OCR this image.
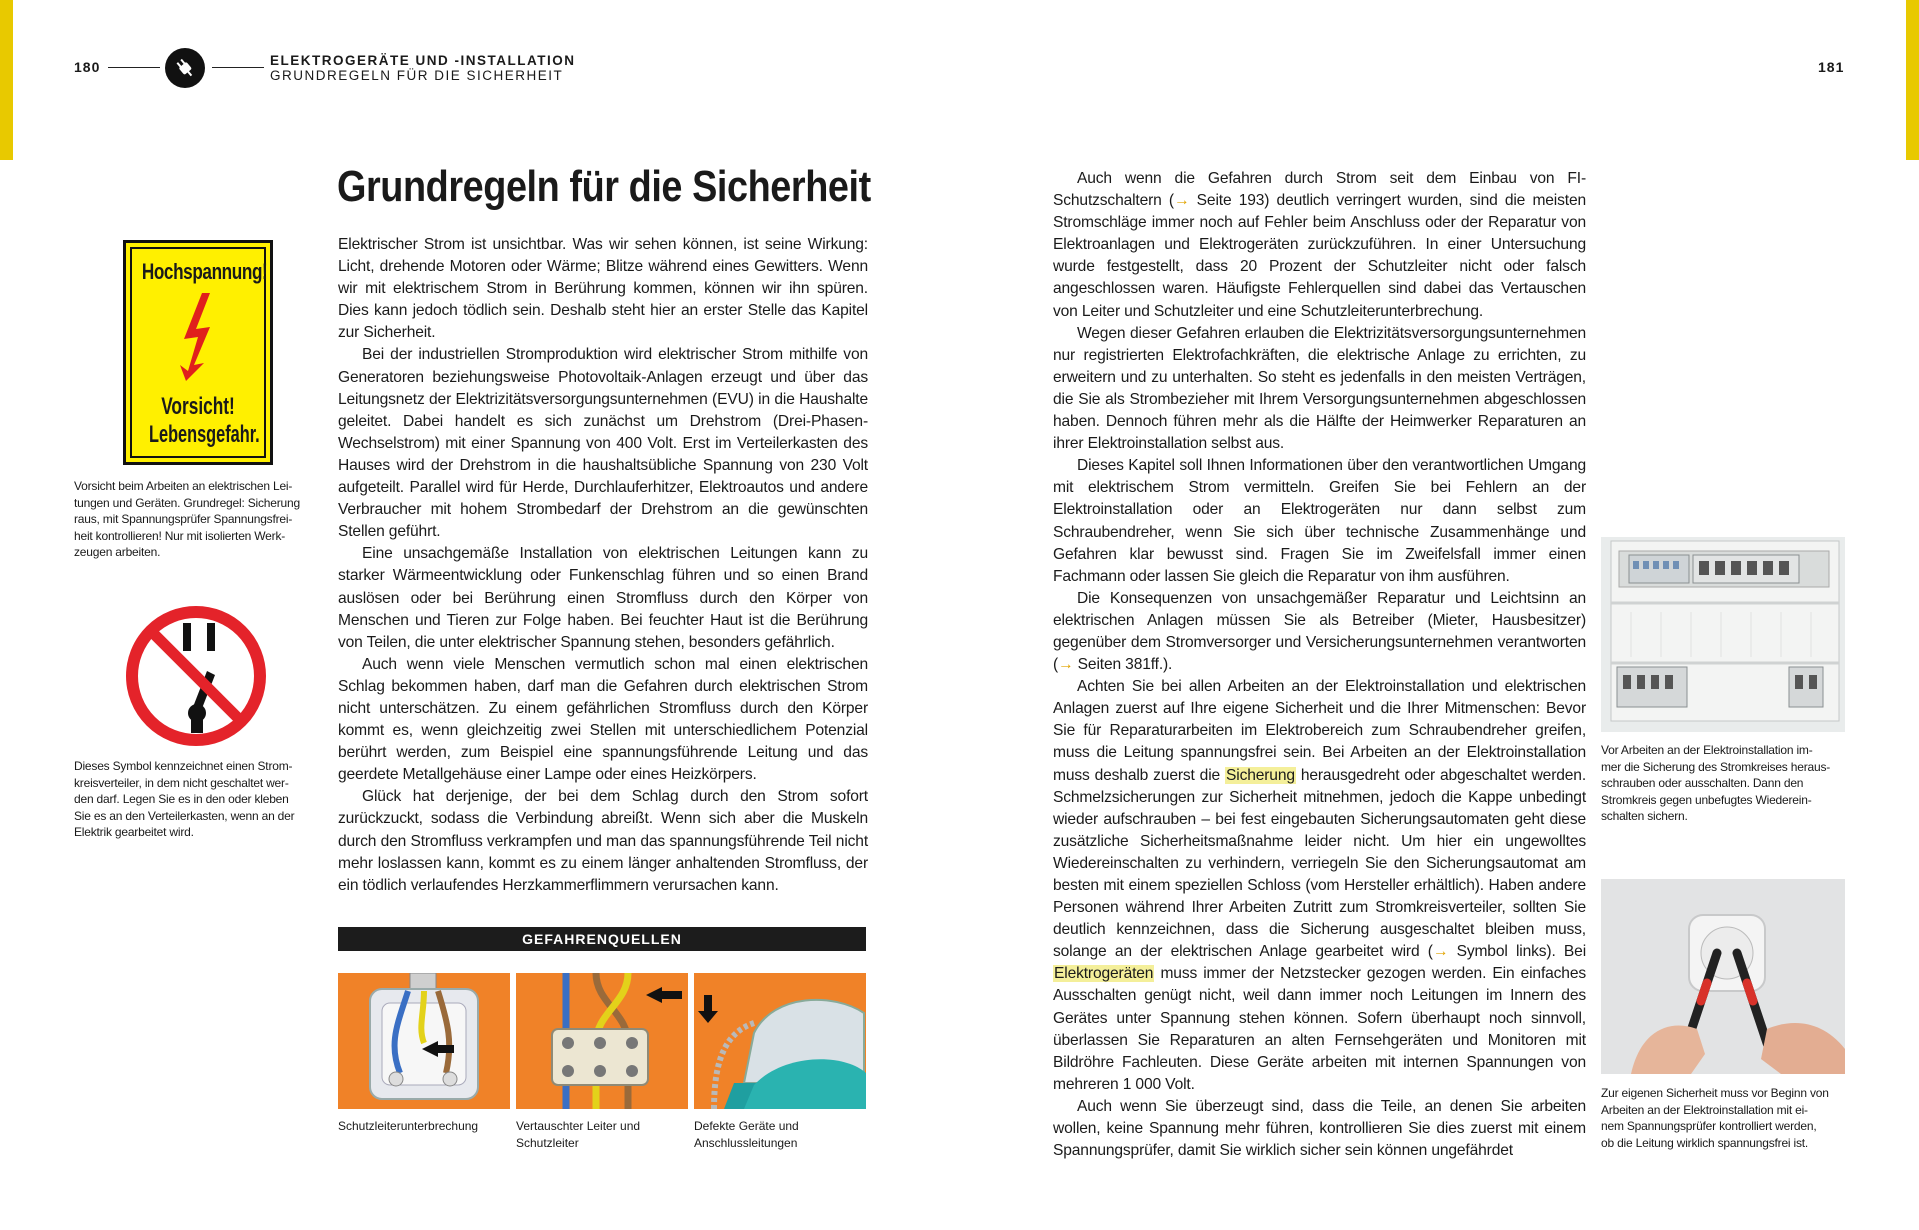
180	ELEKTROGERÄTE UND -INSTALLATION
GRUNDREGELN FÜR DIE SICHERHEIT
181
Hochspannung!
Vorsicht!
Lebensgefahr.
Vorsicht beim Arbeiten an elektrischen Lei-
tungen und Geräten. Grundregel: Sicherung
raus, mit Spannungsprüfer Spannungsfrei-
heit kontrollieren! Nur mit isolierten Werk-
zeugen arbeiten.
Dieses Symbol kennzeichnet einen Strom-
kreisverteiler, in dem nicht geschaltet wer-
den darf. Legen Sie es in den oder kleben
Sie es an den Verteilerkasten, wenn an der
Elektrik gearbeitet wird.
Grundregeln für die Sicherheit

Elektrischer Strom ist unsichtbar. Was wir sehen können, ist seine Wirkung: Licht, drehende Motoren oder Wärme; Blitze während eines Gewitters. Wenn wir mit elektrischem Strom in Berührung kommen, können wir ihn spüren. Dies kann jedoch tödlich sein. Deshalb steht hier an erster Stelle das Kapitel zur Sicherheit.

Bei der industriellen Stromproduktion wird elektrischer Strom mithilfe von Generatoren beziehungsweise Photovoltaik-Anlagen erzeugt und über das Leitungsnetz der Elektrizitätsversorgungsunternehmen (EVU) in die Haushalte geleitet. Dabei handelt es sich zunächst um Drehstrom (Drei-Phasen-Wechselstrom) mit einer Spannung von 400 Volt. Erst im Verteilerkasten des Hauses wird der Drehstrom in die haushaltsübliche Spannung von 230 Volt aufgeteilt. Parallel wird für Herde, Durchlauferhitzer, Elektroautos und andere Verbraucher mit hohem Strombedarf der Drehstrom an die gewünschten Stellen geführt.

Eine unsachgemäße Installation von elektrischen Leitungen kann zu starker Wärmeentwicklung oder Funkenschlag führen und so einen Brand auslösen oder bei Berührung einen Stromfluss durch den Körper von Menschen und Tieren zur Folge haben. Bei feuchter Haut ist die Berührung von Teilen, die unter elektrischer Spannung stehen, besonders gefährlich.

Auch wenn viele Menschen vermutlich schon mal einen elektrischen Schlag bekommen haben, darf man die Gefahren durch elektrischen Strom nicht unterschätzen. Zu einem gefährlichen Stromfluss durch den Körper kommt es, wenn gleichzeitig zwei Stellen mit unterschiedlichem Potenzial berührt werden, zum Beispiel eine spannungsführende Leitung und das geerdete Metallgehäuse einer Lampe oder eines Heizkörpers.

Glück hat derjenige, der bei dem Schlag durch den Strom sofort zurückzuckt, sodass die Verbindung abreißt. Wenn sich aber die Muskeln durch den Stromfluss verkrampfen und man das spannungsführende Teil nicht mehr loslassen kann, kommt es zu einem länger anhaltenden Stromfluss, der ein tödlich verlaufendes Herzkammerflimmern verursachen kann.

GEFAHRENQUELLEN
Schutzleiterunterbrechung	Vertauschter Leiter und Schutzleiter
Defekte Geräte und Anschlussleitungen

Auch wenn die Gefahren durch Strom seit dem Einbau von FI-Schutzschaltern (→ Seite 193) deutlich verringert wurden, sind die meisten Stromschläge immer noch auf Fehler beim Anschluss oder der Reparatur von Elektroanlagen und Elektrogeräten zurückzuführen. In einer Untersuchung wurde festgestellt, dass 20 Prozent der Schutzleiter nicht oder falsch angeschlossen waren. Häufigste Fehlerquellen sind dabei das Vertauschen von Leiter und Schutzleiter und eine Schutzleiterunterbrechung.

Wegen dieser Gefahren erlauben die Elektrizitätsversorgungsunternehmen nur registrierten Elektrofachkräften, die elektrische Anlage zu errichten, zu erweitern und zu unterhalten. So steht es jedenfalls in den meisten Verträgen, die Sie als Strombezieher mit Ihrem Versorgungsunternehmen abgeschlossen haben. Dennoch führen mehr als die Hälfte der Heimwerker Reparaturen an ihrer Elektroinstallation selbst aus.

Dieses Kapitel soll Ihnen Informationen über den verantwortlichen Umgang mit elektrischem Strom vermitteln. Greifen Sie bei Fehlern an der Elektroinstallation oder an Elektrogeräten nur dann selbst zum Schraubendreher, wenn Sie sich über technische Zusammenhänge und Gefahren klar bewusst sind. Fragen Sie im Zweifelsfall immer einen Fachmann oder lassen Sie gleich die Reparatur von ihm ausführen.

Die Konsequenzen von unsachgemäßer Reparatur und Leichtsinn an elektrischen Anlagen müssen Sie als Betreiber (Mieter, Hausbesitzer) gegenüber dem Stromversorger und Versicherungsunternehmen verantworten (→ Seiten 381ff.).

Achten Sie bei allen Arbeiten an der Elektroinstallation und elektrischen Anlagen zuerst auf Ihre eigene Sicherheit und die Ihrer Mitmenschen: Bevor Sie für Reparaturarbeiten im Elektrobereich zum Schraubendreher greifen, muss die Leitung spannungsfrei sein. Bei Arbeiten an der Elektroinstallation muss deshalb zuerst die Sicherung herausgedreht oder abgeschaltet werden. Schmelzsicherungen zur Sicherheit mitnehmen, jedoch die Kappe unbedingt wieder aufschrauben – bei fest eingebauten Sicherungsautomaten geht diese zusätzliche Sicherheitsmaßnahme leider nicht. Um hier ein ungewolltes Wiedereinschalten zu verhindern, verriegeln Sie den Sicherungsautomat am besten mit einem speziellen Schloss (vom Hersteller erhältlich). Haben andere Personen während Ihrer Arbeiten Zutritt zum Stromkreisverteiler, sollten Sie deutlich kennzeichnen, dass die Sicherung ausgeschaltet bleiben muss, solange an der elektrischen Anlage gearbeitet wird (→ Symbol links). Bei Elektrogeräten muss immer der Netzstecker gezogen werden. Ein einfaches Ausschalten genügt nicht, weil dann immer noch Leitungen im Innern des Gerätes unter Spannung stehen können. Sofern überhaupt noch sinnvoll, überlassen Sie Reparaturen an alten Fernsehgeräten und Monitoren mit Bildröhre Fachleuten. Diese Geräte arbeiten mit internen Spannungen von mehreren 1 000 Volt.

Auch wenn Sie überzeugt sind, dass die Teile, an denen Sie arbeiten wollen, keine Spannung mehr führen, kontrollieren Sie dies zuerst mit einem Spannungsprüfer, damit Sie wirklich sicher sein können ungefährdet

Vor Arbeiten an der Elektroinstallation im-
mer die Sicherung des Stromkreises heraus-
schrauben oder ausschalten. Dann den
Stromkreis gegen unbefugtes Wiederein-
schalten sichern.
Zur eigenen Sicherheit muss vor Beginn von
Arbeiten an der Elektroinstallation mit ei-
nem Spannungsprüfer kontrolliert werden,
ob die Leitung wirklich spannungsfrei ist.
